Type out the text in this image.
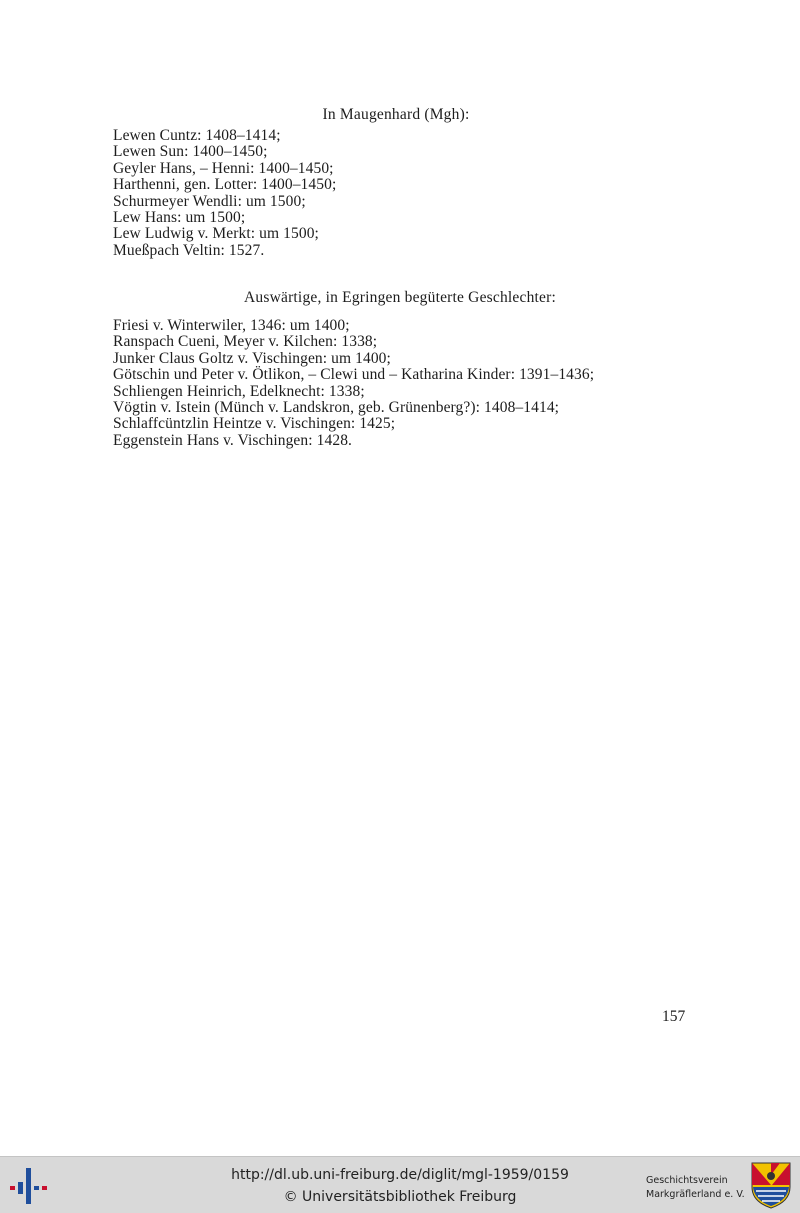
In Maugenhard (Mgh):
Lewen Cuntz: 1408–1414;
Lewen Sun: 1400–1450;
Geyler Hans, – Henni: 1400–1450;
Harthenni, gen. Lotter: 1400–1450;
Schurmeyer Wendli: um 1500;
Lew Hans: um 1500;
Lew Ludwig v. Merkt: um 1500;
Mueßpach Veltin: 1527.
Auswärtige, in Egringen begüterte Geschlechter:
Friesi v. Winterwiler, 1346: um 1400;
Ranspach Cueni, Meyer v. Kilchen: 1338;
Junker Claus Goltz v. Vischingen: um 1400;
Götschin und Peter v. Ötlikon, – Clewi und – Katharina Kinder: 1391–1436;
Schliengen Heinrich, Edelknecht: 1338;
Vögtin v. Istein (Münch v. Landskron, geb. Grünenberg?): 1408–1414;
Schlaffcüntzlin Heintze v. Vischingen: 1425;
Eggenstein Hans v. Vischingen: 1428.
157
http://dl.ub.uni-freiburg.de/diglit/mgl-1959/0159
© Universitätsbibliothek Freiburg
Geschichtsverein
Markgräflerland e. V.
